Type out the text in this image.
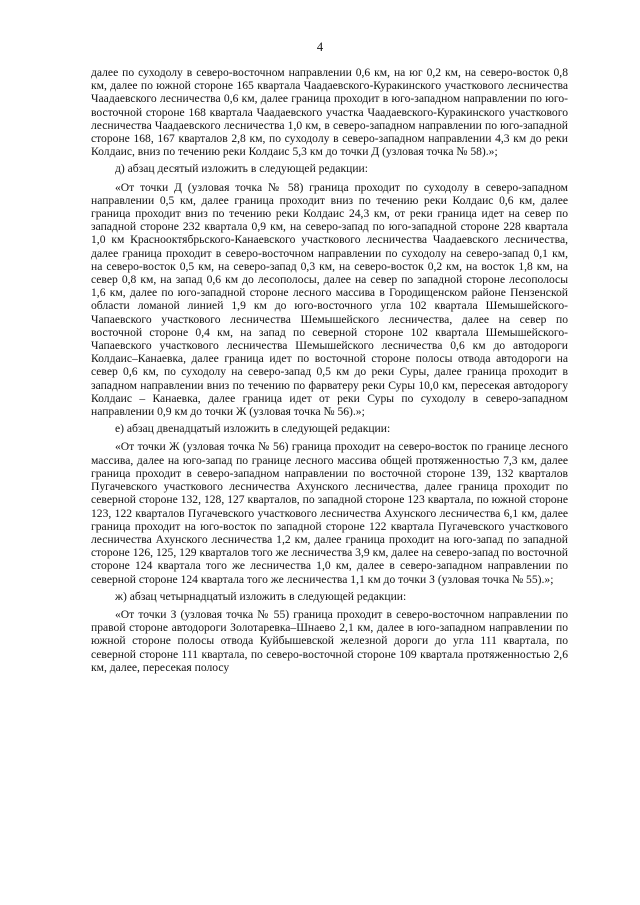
4

далее по суходолу в северо-восточном направлении 0,6 км, на юг 0,2 км, на северо-восток 0,8 км, далее по южной стороне 165 квартала Чаадаевского-Куракинского участкового лесничества Чаадаевского лесничества 0,6 км, далее граница проходит в юго-западном направлении по юго-восточной стороне 168 квартала Чаадаевского участка Чаадаевского-Куракинского участкового лесничества Чаадаевского лесничества 1,0 км, в северо-западном направлении по юго-западной стороне 168, 167 кварталов 2,8 км, по суходолу в северо-западном направлении 4,3 км до реки Колдаис, вниз по течению реки Колдаис 5,3 км до точки Д (узловая точка № 58).»;

д) абзац десятый изложить в следующей редакции:

«От точки Д (узловая точка № 58) граница проходит по суходолу в северо-западном направлении 0,5 км, далее граница проходит вниз по течению реки Колдаис 0,6 км, далее граница проходит вниз по течению реки Колдаис 24,3 км, от реки граница идет на север по западной стороне 232 квартала 0,9 км, на северо-запад по юго-западной стороне 228 квартала 1,0 км Краснооктябрьского-Канаевского участкового лесничества Чаадаевского лесничества, далее граница проходит в северо-восточном направлении по суходолу на северо-запад 0,1 км, на северо-восток 0,5 км, на северо-запад 0,3 км, на северо-восток 0,2 км, на восток 1,8 км, на север 0,8 км, на запад 0,6 км до лесополосы, далее на север по западной стороне лесополосы 1,6 км, далее по юго-западной стороне лесного массива в Городищенском районе Пензенской области ломаной линией 1,9 км до юго-восточного угла 102 квартала Шемышейского-Чапаевского участкового лесничества Шемышейского лесничества, далее на север по восточной стороне 0,4 км, на запад по северной стороне 102 квартала Шемышейского-Чапаевского участкового лесничества Шемышейского лесничества 0,6 км до автодороги Колдаис–Канаевка, далее граница идет по восточной стороне полосы отвода автодороги на север 0,6 км, по суходолу на северо-запад 0,5 км до реки Суры, далее граница проходит в западном направлении вниз по течению по фарватеру реки Суры 10,0 км, пересекая автодорогу Колдаис – Канаевка, далее граница идет от реки Суры по суходолу в северо-западном направлении 0,9 км до точки Ж (узловая точка № 56).»;

е) абзац двенадцатый изложить в следующей редакции:

«От точки Ж (узловая точка № 56) граница проходит на северо-восток по границе лесного массива, далее на юго-запад по границе лесного массива общей протяженностью 7,3 км, далее граница проходит в северо-западном направлении по восточной стороне 139, 132 кварталов Пугачевского участкового лесничества Ахунского лесничества, далее граница проходит по северной стороне 132, 128, 127 кварталов, по западной стороне 123 квартала, по южной стороне 123, 122 кварталов Пугачевского участкового лесничества Ахунского лесничества 6,1 км, далее граница проходит на юго-восток по западной стороне 122 квартала Пугачевского участкового лесничества Ахунского лесничества 1,2 км, далее граница проходит на юго-запад по западной стороне 126, 125, 129 кварталов того же лесничества 3,9 км, далее на северо-запад по восточной стороне 124 квартала того же лесничества 1,0 км, далее в северо-западном направлении по северной стороне 124 квартала того же лесничества 1,1 км до точки З (узловая точка № 55).»;

ж) абзац четырнадцатый изложить в следующей редакции:

«От точки З (узловая точка № 55) граница проходит в северо-восточном направлении по правой стороне автодороги Золотаревка–Шнаево 2,1 км, далее в юго-западном направлении по южной стороне полосы отвода Куйбышевской железной дороги до угла 111 квартала, по северной стороне 111 квартала, по северо-восточной стороне 109 квартала протяженностью 2,6 км, далее, пересекая полосу
